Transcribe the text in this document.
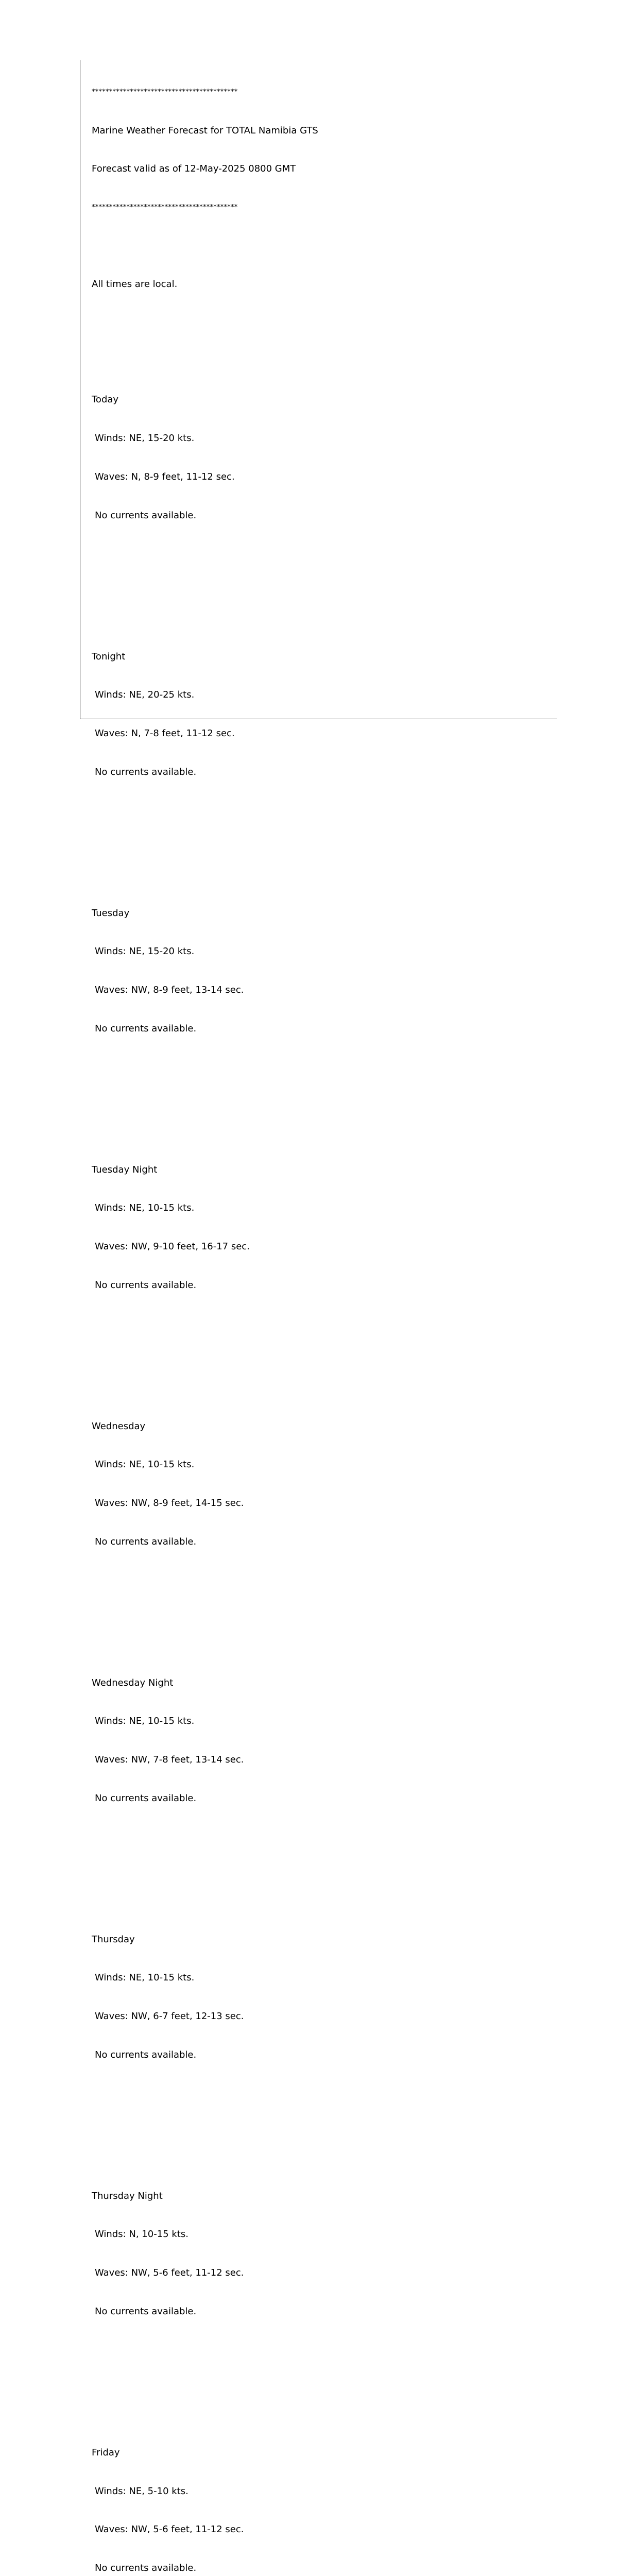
******************************************

Marine Weather Forecast for TOTAL Namibia GTS

Forecast valid as of 12-May-2025 0800 GMT

******************************************

All times are local.

Today

Winds: NE, 15-20 kts.

Waves: N, 8-9 feet, 11-12 sec.

No currents available.

Tonight

Winds: NE, 20-25 kts.

Waves: N, 7-8 feet, 11-12 sec.

No currents available.

Tuesday

Winds: NE, 15-20 kts.

Waves: NW, 8-9 feet, 13-14 sec.

No currents available.

Tuesday Night

Winds: NE, 10-15 kts.

Waves: NW, 9-10 feet, 16-17 sec.

No currents available.

Wednesday

Winds: NE, 10-15 kts.

Waves: NW, 8-9 feet, 14-15 sec.

No currents available.

Wednesday Night

Winds: NE, 10-15 kts.

Waves: NW, 7-8 feet, 13-14 sec.

No currents available.

Thursday

Winds: NE, 10-15 kts.

Waves: NW, 6-7 feet, 12-13 sec.

No currents available.

Thursday Night

Winds: N, 10-15 kts.

Waves: NW, 5-6 feet, 11-12 sec.

No currents available.

Friday

Winds: NE, 5-10 kts.

Waves: NW, 5-6 feet, 11-12 sec.

No currents available.
